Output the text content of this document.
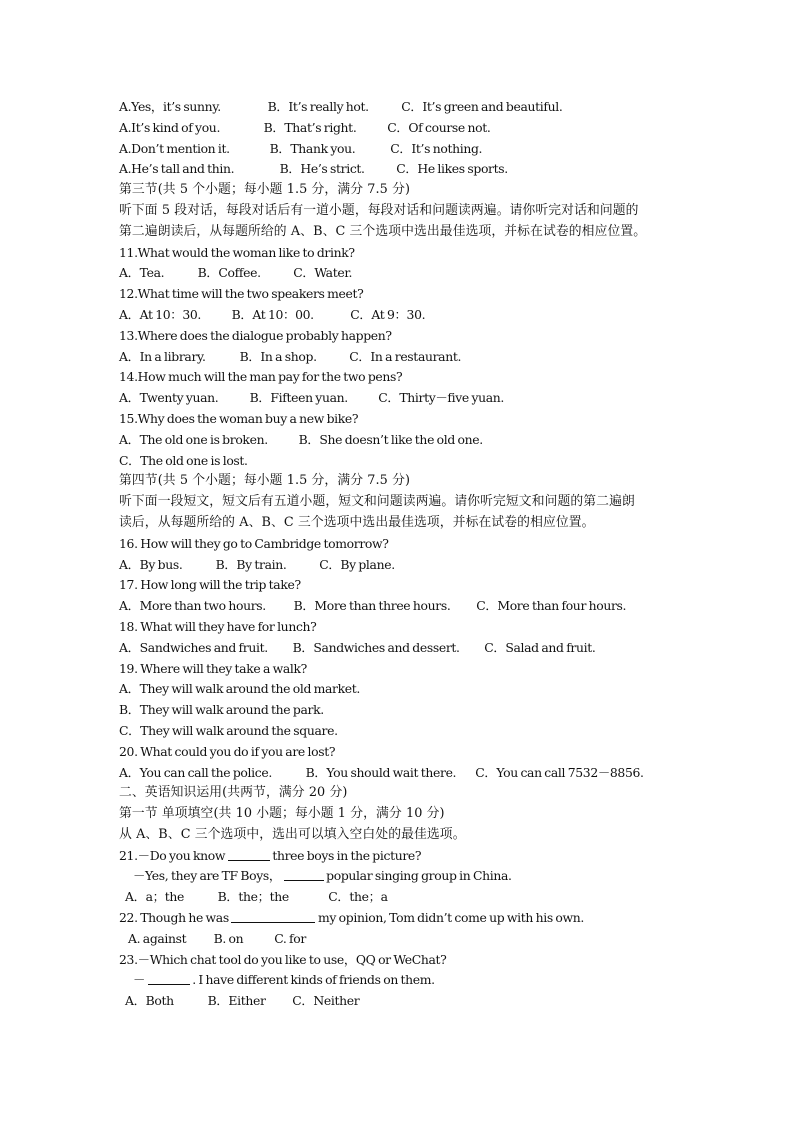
A.Yes，it’s sunny.	B．It’s really hot.	C．It’s green and beautiful.
A.It’s kind of you.	B．That’s right. C．Of course not.
A.Don’t mention it.	B．Thank you.	C．It’s nothing.
A.He’s tall and thin.	B．He’s strict.	C．He likes sports.
第三节(共 5 个小题；每小题 1.5 分，满分 7.5 分)
听下面 5 段对话，每段对话后有一道小题，每段对话和问题读两遍。请你听完对话和问题的
第二遍朗读后，从每题所给的 A、B、C 三个选项中选出最佳选项，并标在试卷的相应位置。
11.What would the woman like to drink?
A．Tea.	B．Coffee.	C．Water.
12.What time will the two speakers meet?
A．At 10：30. B．At 10：00.	C．At 9：30.
13.Where does the dialogue probably happen?
A．In a library.	B．In a shop.	C．In a restaurant.
14.How much will the man pay for the two pens?
A．Twenty yuan.	B．Fifteen yuan. C．Thirty－five yuan.
15.Why does the woman buy a new bike?
A．The old one is broken. B．She doesn’t like the old one.
C．The old one is lost.
第四节(共 5 个小题；每小题 1.5 分，满分 7.5 分)
听下面一段短文，短文后有五道小题，短文和问题读两遍。请你听完短文和问题的第二遍朗
读后，从每题所给的 A、B、C 三个选项中选出最佳选项，并标在试卷的相应位置。
16. How will they go to Cambridge tomorrow?
A．By bus.	B．By train.	C．By plane.
17. How long will the trip take?
A．More than two hours. B．More than three hours. C．More than four hours.
18. What will they have for lunch?
A．Sandwiches and fruit. B．Sandwiches and dessert. C．Salad and fruit.
19. Where will they take a walk?
A．They will walk around the old market.
B．They will walk around the park.
C．They will walk around the square.
20. What could you do if you are lost?
A．You can call the police.	B．You should wait there. C．You can call 7532－8856.
二、英语知识运用(共两节，满分 20 分)
第一节 单项填空(共 10 小题；每小题 1 分，满分 10 分)
从 A、B、C 三个选项中，选出可以填入空白处的最佳选项。
21.－Do you know	three boys in the picture?
－Yes, they are TF Boys，	popular singing group in China.
A．a；the	B．the；the	C．the；a
22. Though he was	my opinion, Tom didn’t come up with his own.
A. against B. on C. for
23.－Which chat tool do you like to use，QQ or WeChat?
－	. I have different kinds of friends on them.
A．Both	B．Either C．Neither
